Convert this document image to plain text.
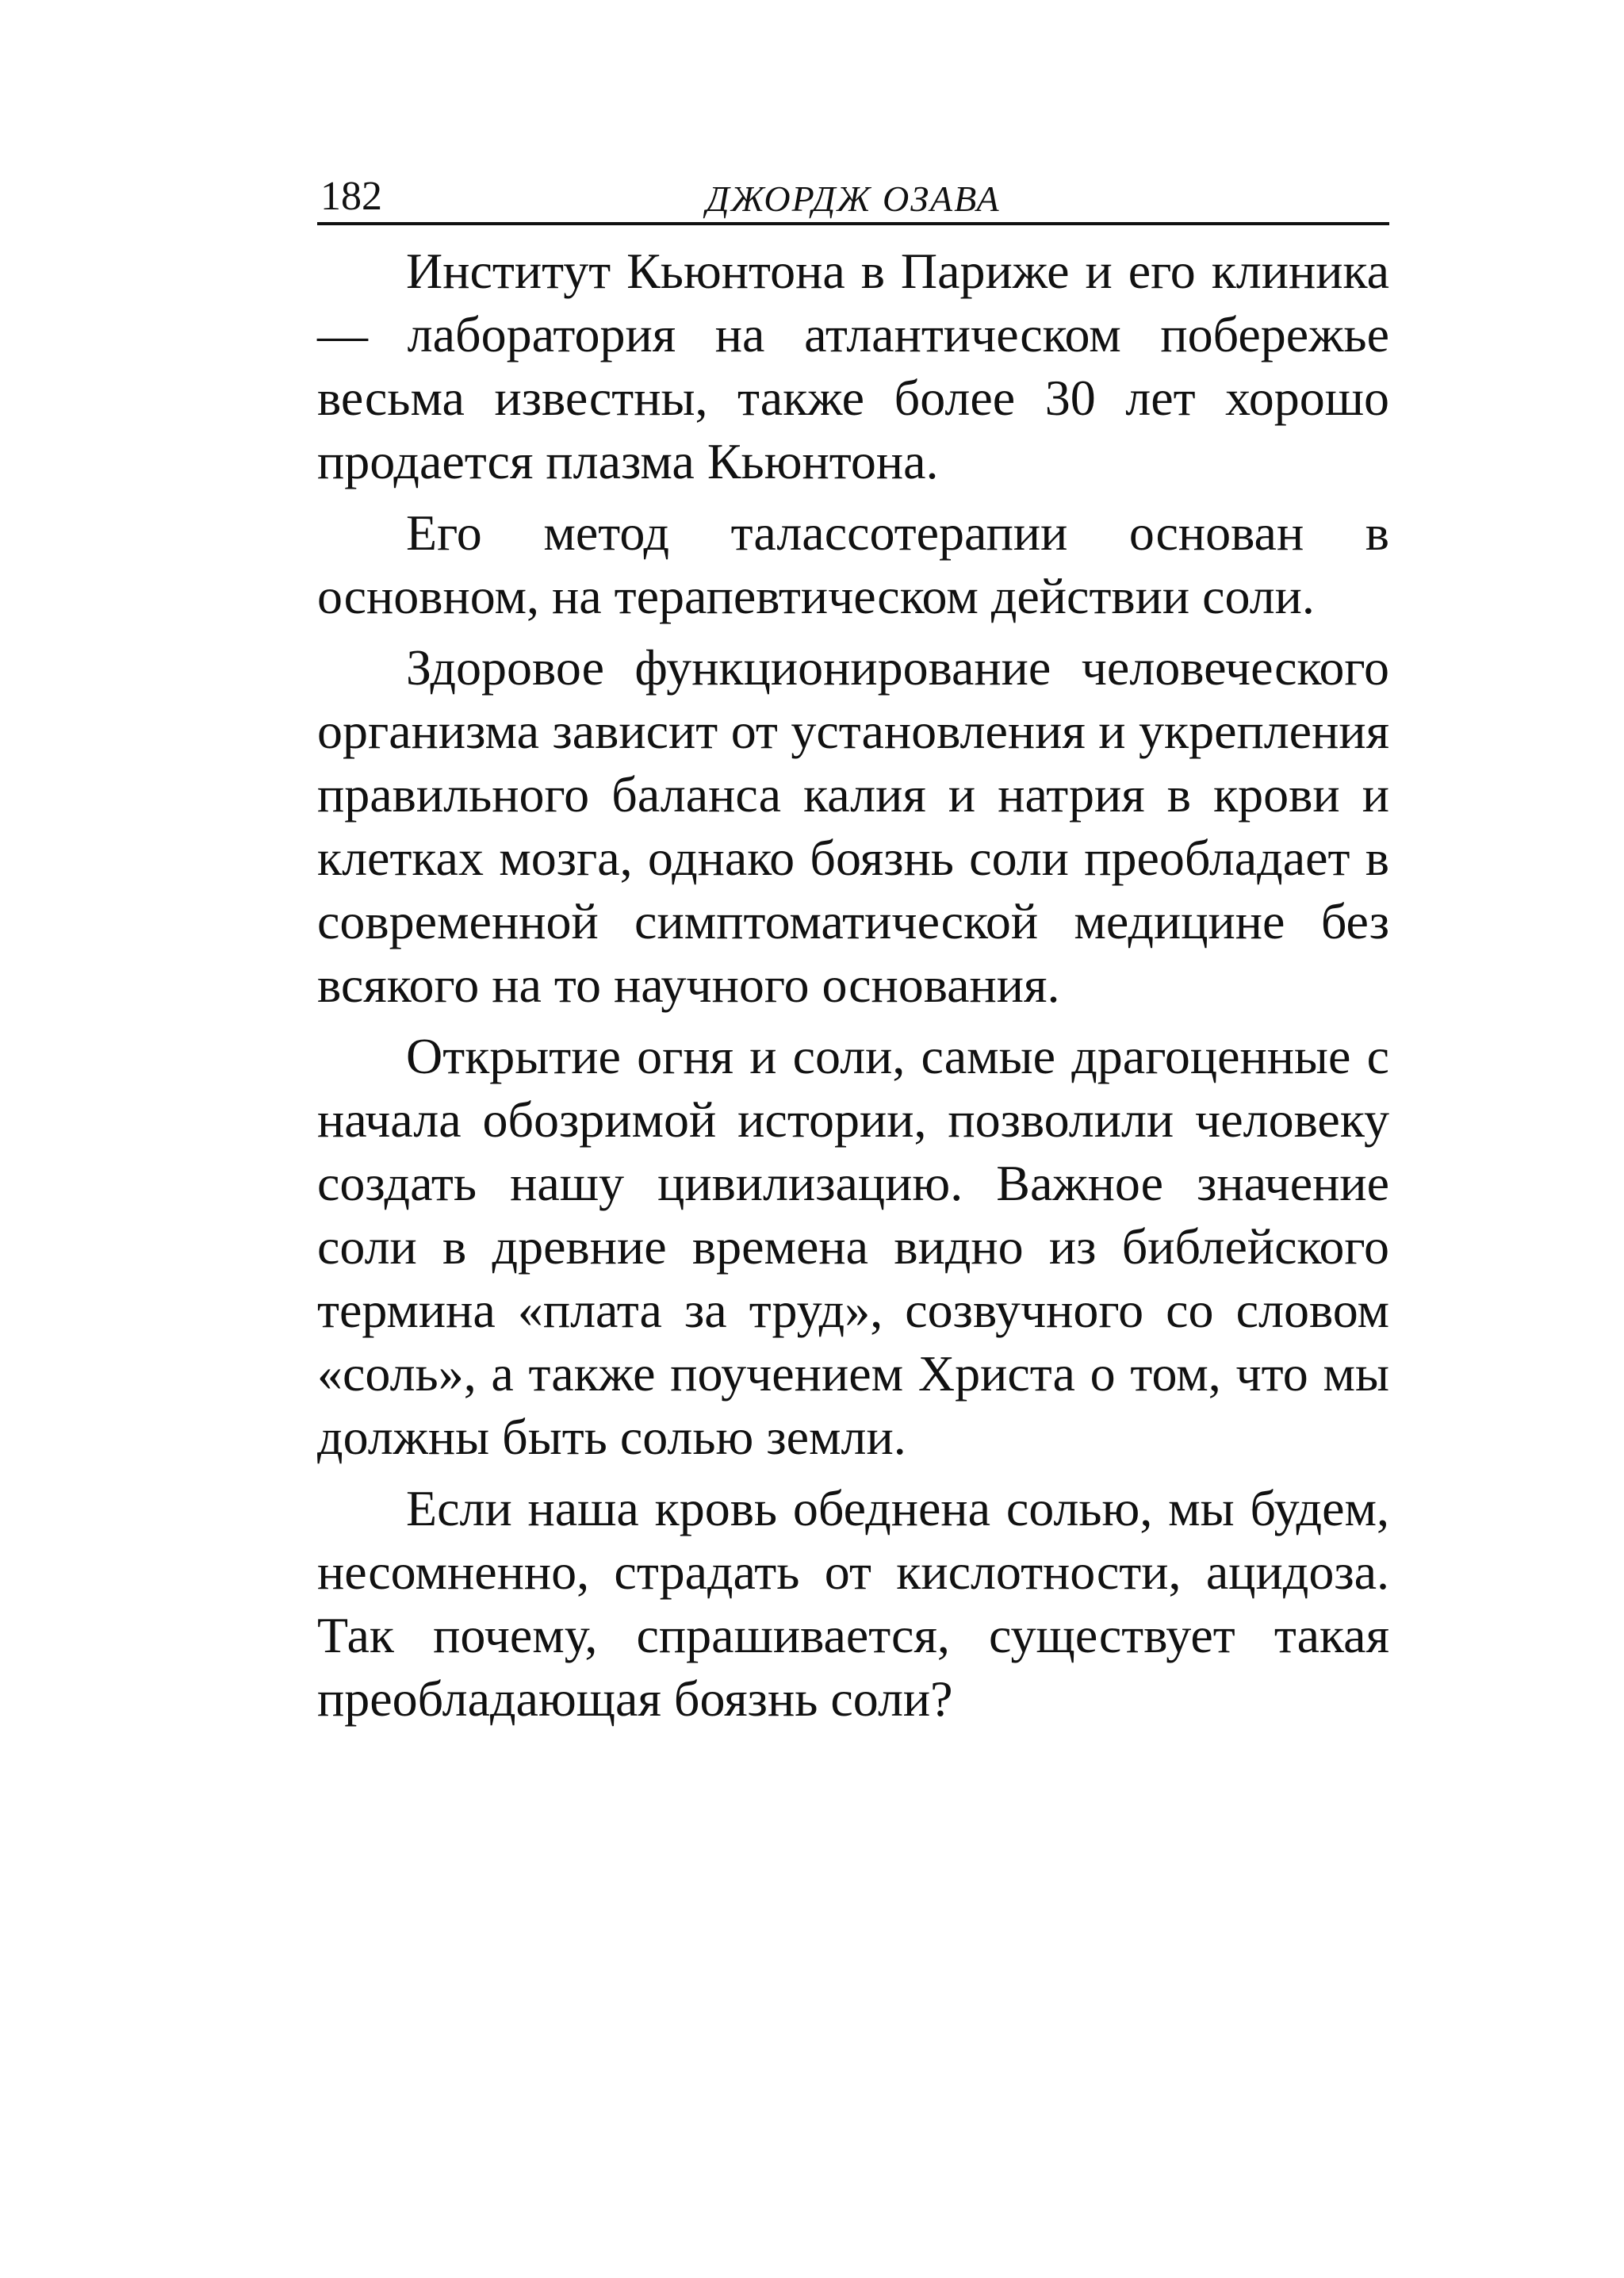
182	ДЖОРДЖ ОЗАВА

Институт Кьюнтона в Париже и его клиника — лаборатория на атлантическом побережье весьма известны, также более 30 лет хорошо продается плазма Кьюнтона.

Его метод талассотерапии основан в основном, на терапевтическом действии соли.

Здоровое функционирование человеческого организма зависит от установления и укрепления правильного баланса калия и натрия в крови и клетках мозга, однако боязнь соли преобладает в современной симптоматической медицине без всякого на то научного основания.

Открытие огня и соли, самые драгоценные с начала обозримой истории, позволили человеку создать нашу цивилизацию. Важное значение соли в древние времена видно из библейского термина «плата за труд», созвучного со словом «соль», а также поучением Христа о том, что мы должны быть солью земли.

Если наша кровь обеднена солью, мы будем, несомненно, страдать от кислотности, ацидоза. Так почему, спрашивается, существует такая преобладающая боязнь соли?
